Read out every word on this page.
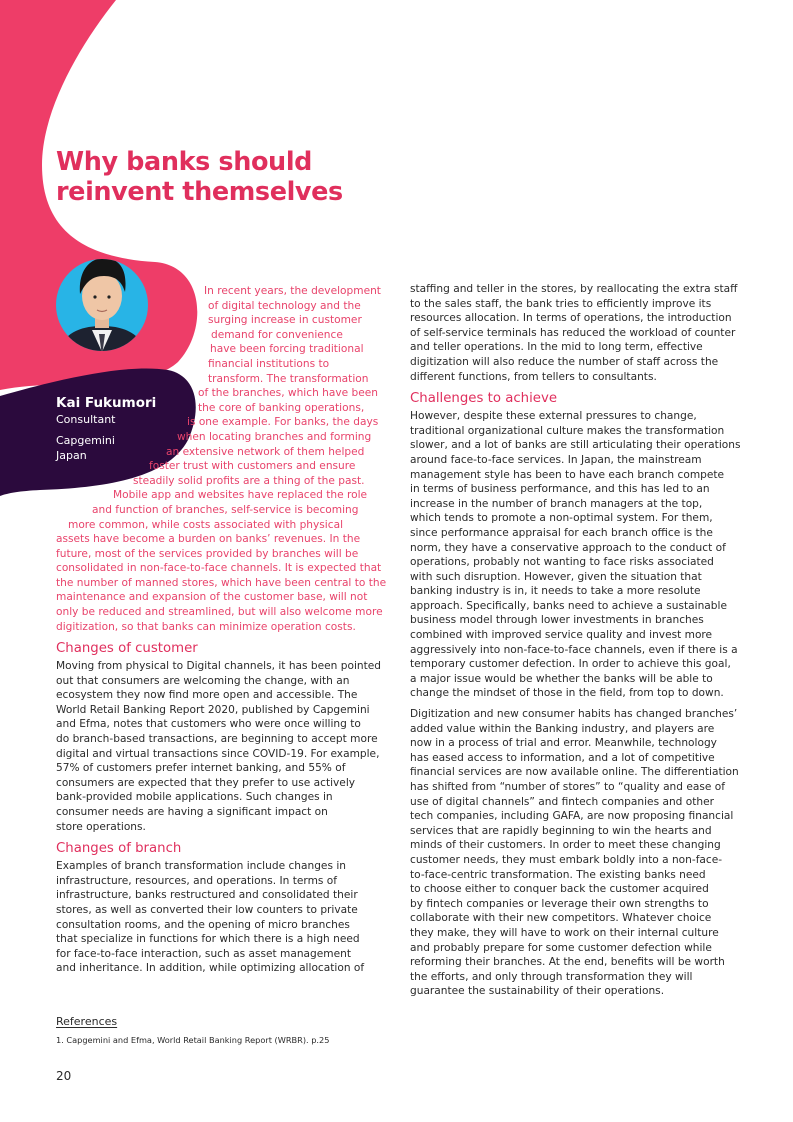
Why banks should reinvent themselves
Kai Fukumori
Consultant
Capgemini
Japan
In recent years, the development
of digital technology and the
surging increase in customer
demand for convenience
have been forcing traditional
financial institutions to
transform. The transformation
of the branches, which have been
the core of banking operations,
is one example. For banks, the days
when locating branches and forming
an extensive network of them helped
foster trust with customers and ensure
steadily solid profits are a thing of the past.
Mobile app and websites have replaced the role
and function of branches, self-service is becoming
more common, while costs associated with physical
assets have become a burden on banks’ revenues. In the
future, most of the services provided by branches will be
consolidated in non-face-to-face channels. It is expected that
the number of manned stores, which have been central to the
maintenance and expansion of the customer base, will not
only be reduced and streamlined, but will also welcome more
digitization, so that banks can minimize operation costs.
Changes of customer

Moving from physical to Digital channels, it has been pointed
out that consumers are welcoming the change, with an
ecosystem they now find more open and accessible. The
World Retail Banking Report 2020, published by Capgemini
and Efma, notes that customers who were once willing to
do branch-based transactions, are beginning to accept more
digital and virtual transactions since COVID-19. For example,
57% of customers prefer internet banking, and 55% of
consumers are expected that they prefer to use actively
bank-provided mobile applications. Such changes in
consumer needs are having a significant impact on
store operations.

Changes of branch

Examples of branch transformation include changes in
infrastructure, resources, and operations. In terms of
infrastructure, banks restructured and consolidated their
stores, as well as converted their low counters to private
consultation rooms, and the opening of micro branches
that specialize in functions for which there is a high need
for face-to-face interaction, such as asset management
and inheritance. In addition, while optimizing allocation of

staffing and teller in the stores, by reallocating the extra staff
to the sales staff, the bank tries to efficiently improve its
resources allocation. In terms of operations, the introduction
of self-service terminals has reduced the workload of counter
and teller operations. In the mid to long term, effective
digitization will also reduce the number of staff across the
different functions, from tellers to consultants.

Challenges to achieve

However, despite these external pressures to change,
traditional organizational culture makes the transformation
slower, and a lot of banks are still articulating their operations
around face-to-face services. In Japan, the mainstream
management style has been to have each branch compete
in terms of business performance, and this has led to an
increase in the number of branch managers at the top,
which tends to promote a non-optimal system. For them,
since performance appraisal for each branch office is the
norm, they have a conservative approach to the conduct of
operations, probably not wanting to face risks associated
with such disruption. However, given the situation that
banking industry is in, it needs to take a more resolute
approach. Specifically, banks need to achieve a sustainable
business model through lower investments in branches
combined with improved service quality and invest more
aggressively into non-face-to-face channels, even if there is a
temporary customer defection. In order to achieve this goal,
a major issue would be whether the banks will be able to
change the mindset of those in the field, from top to down.

Digitization and new consumer habits has changed branches’
added value within the Banking industry, and players are
now in a process of trial and error. Meanwhile, technology
has eased access to information, and a lot of competitive
financial services are now available online. The differentiation
has shifted from “number of stores” to “quality and ease of
use of digital channels” and fintech companies and other
tech companies, including GAFA, are now proposing financial
services that are rapidly beginning to win the hearts and
minds of their customers. In order to meet these changing
customer needs, they must embark boldly into a non-face-
to-face-centric transformation. The existing banks need
to choose either to conquer back the customer acquired
by fintech companies or leverage their own strengths to
collaborate with their new competitors. Whatever choice
they make, they will have to work on their internal culture
and probably prepare for some customer defection while
reforming their branches. At the end, benefits will be worth
the efforts, and only through transformation they will
guarantee the sustainability of their operations.

References
1. Capgemini and Efma, World Retail Banking Report (WRBR). p.25
20
